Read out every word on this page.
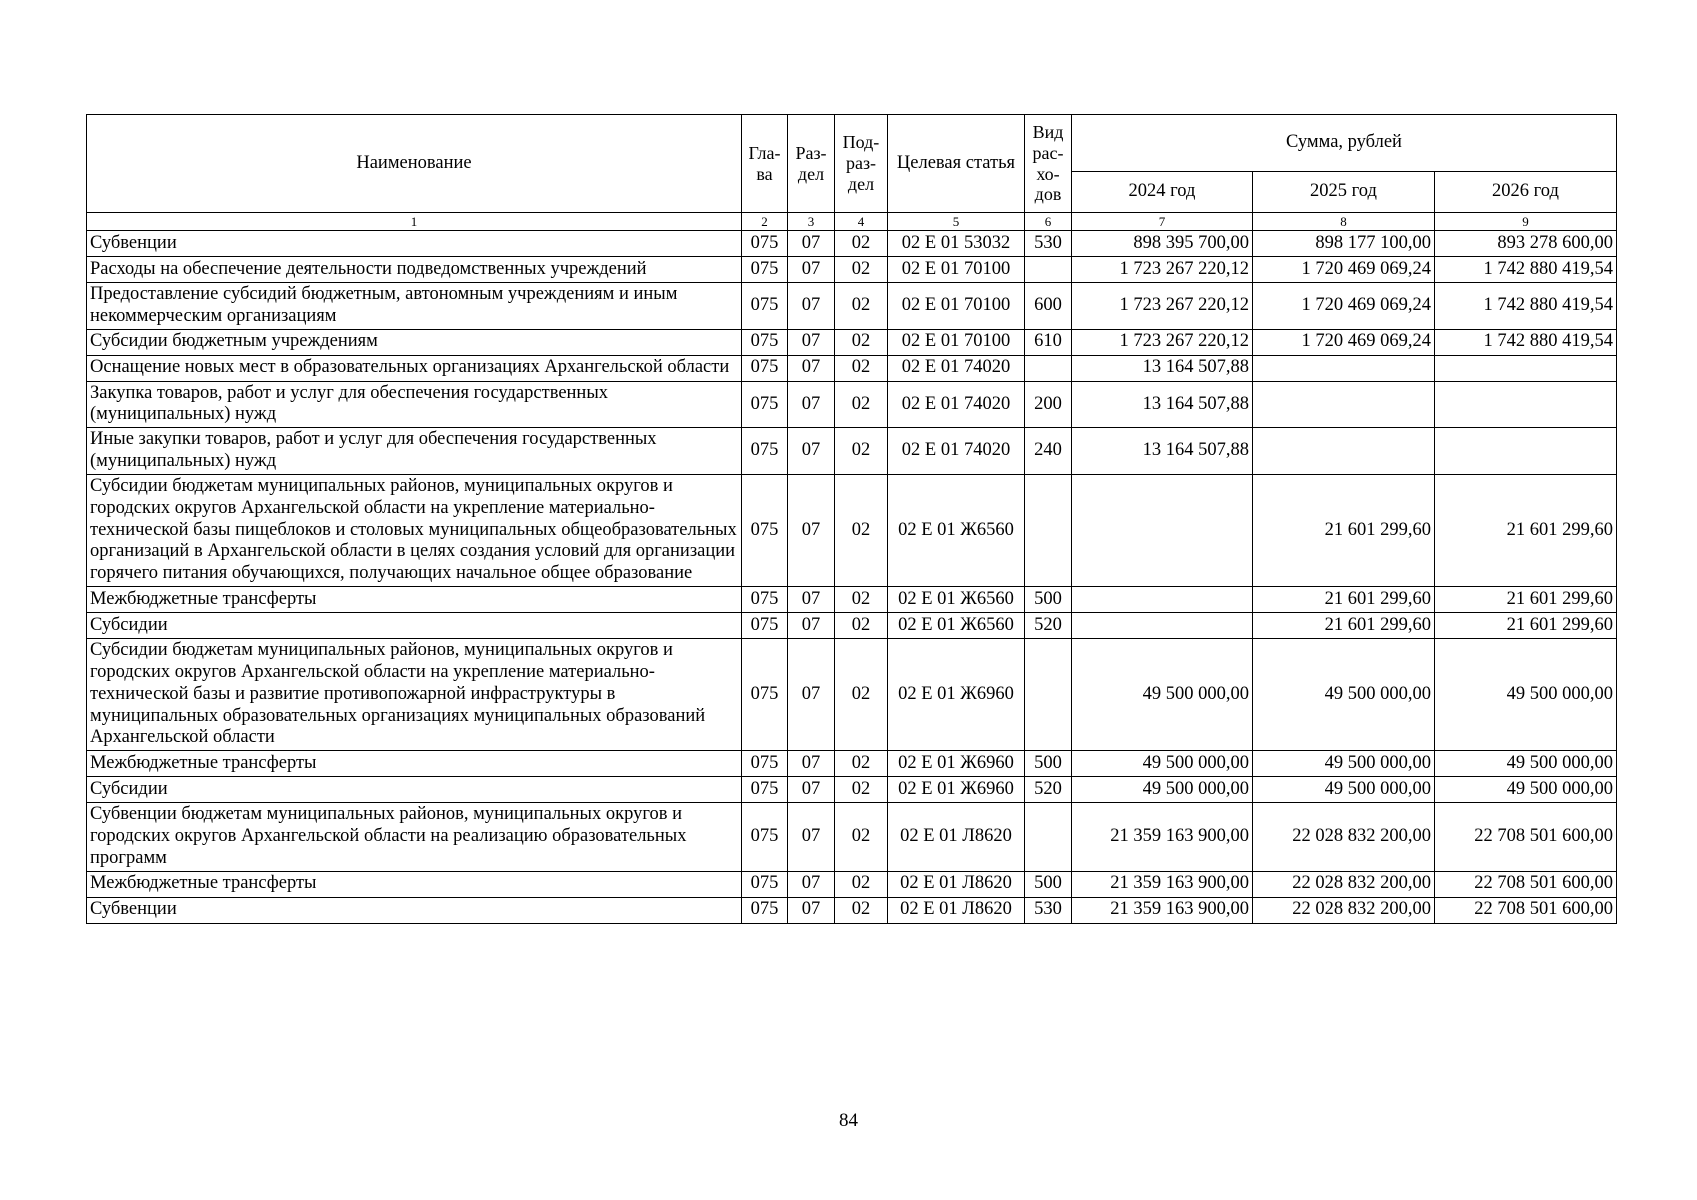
Наименование	Гла-ва	Раз-дел	Под-раз-дел	Целевая статья	Вид рас-хо-дов	Сумма, рублей		
						2024 год	2025 год	2026 год
1	2	3	4	5	6	7	8	9
Субвенции	075	07	02	02 Е 01 53032	530	898 395 700,00	898 177 100,00	893 278 600,00
Расходы на обеспечение деятельности подведомственных учреждений	075	07	02	02 Е 01 70100		1 723 267 220,12	1 720 469 069,24	1 742 880 419,54
Предоставление субсидий бюджетным, автономным учреждениям и иным некоммерческим организациям	075	07	02	02 Е 01 70100	600	1 723 267 220,12	1 720 469 069,24	1 742 880 419,54
Субсидии бюджетным учреждениям	075	07	02	02 Е 01 70100	610	1 723 267 220,12	1 720 469 069,24	1 742 880 419,54
Оснащение новых мест в образовательных организациях Архангельской области	075	07	02	02 Е 01 74020		13 164 507,88		
Закупка товаров, работ и услуг для обеспечения государственных (муниципальных) нужд	075	07	02	02 Е 01 74020	200	13 164 507,88		
Иные закупки товаров, работ и услуг для обеспечения государственных (муниципальных) нужд	075	07	02	02 Е 01 74020	240	13 164 507,88		
Субсидии бюджетам муниципальных районов, муниципальных округов и городских округов Архангельской области на укрепление материально-технической базы пищеблоков и столовых муниципальных общеобразовательных организаций в Архангельской области в целях создания условий для организации горячего питания обучающихся, получающих начальное общее образование	075	07	02	02 Е 01 Ж6560			21 601 299,60	21 601 299,60
Межбюджетные трансферты	075	07	02	02 Е 01 Ж6560	500		21 601 299,60	21 601 299,60
Субсидии	075	07	02	02 Е 01 Ж6560	520		21 601 299,60	21 601 299,60
Субсидии бюджетам муниципальных районов, муниципальных округов и городских округов Архангельской области на укрепление материально-технической базы и развитие противопожарной инфраструктуры в муниципальных образовательных организациях муниципальных образований Архангельской области	075	07	02	02 Е 01 Ж6960		49 500 000,00	49 500 000,00	49 500 000,00
Межбюджетные трансферты	075	07	02	02 Е 01 Ж6960	500	49 500 000,00	49 500 000,00	49 500 000,00
Субсидии	075	07	02	02 Е 01 Ж6960	520	49 500 000,00	49 500 000,00	49 500 000,00
Субвенции бюджетам муниципальных районов, муниципальных округов и городских округов Архангельской области на реализацию образовательных программ	075	07	02	02 Е 01 Л8620		21 359 163 900,00	22 028 832 200,00	22 708 501 600,00
Межбюджетные трансферты	075	07	02	02 Е 01 Л8620	500	21 359 163 900,00	22 028 832 200,00	22 708 501 600,00
Субвенции	075	07	02	02 Е 01 Л8620	530	21 359 163 900,00	22 028 832 200,00	22 708 501 600,00
84
